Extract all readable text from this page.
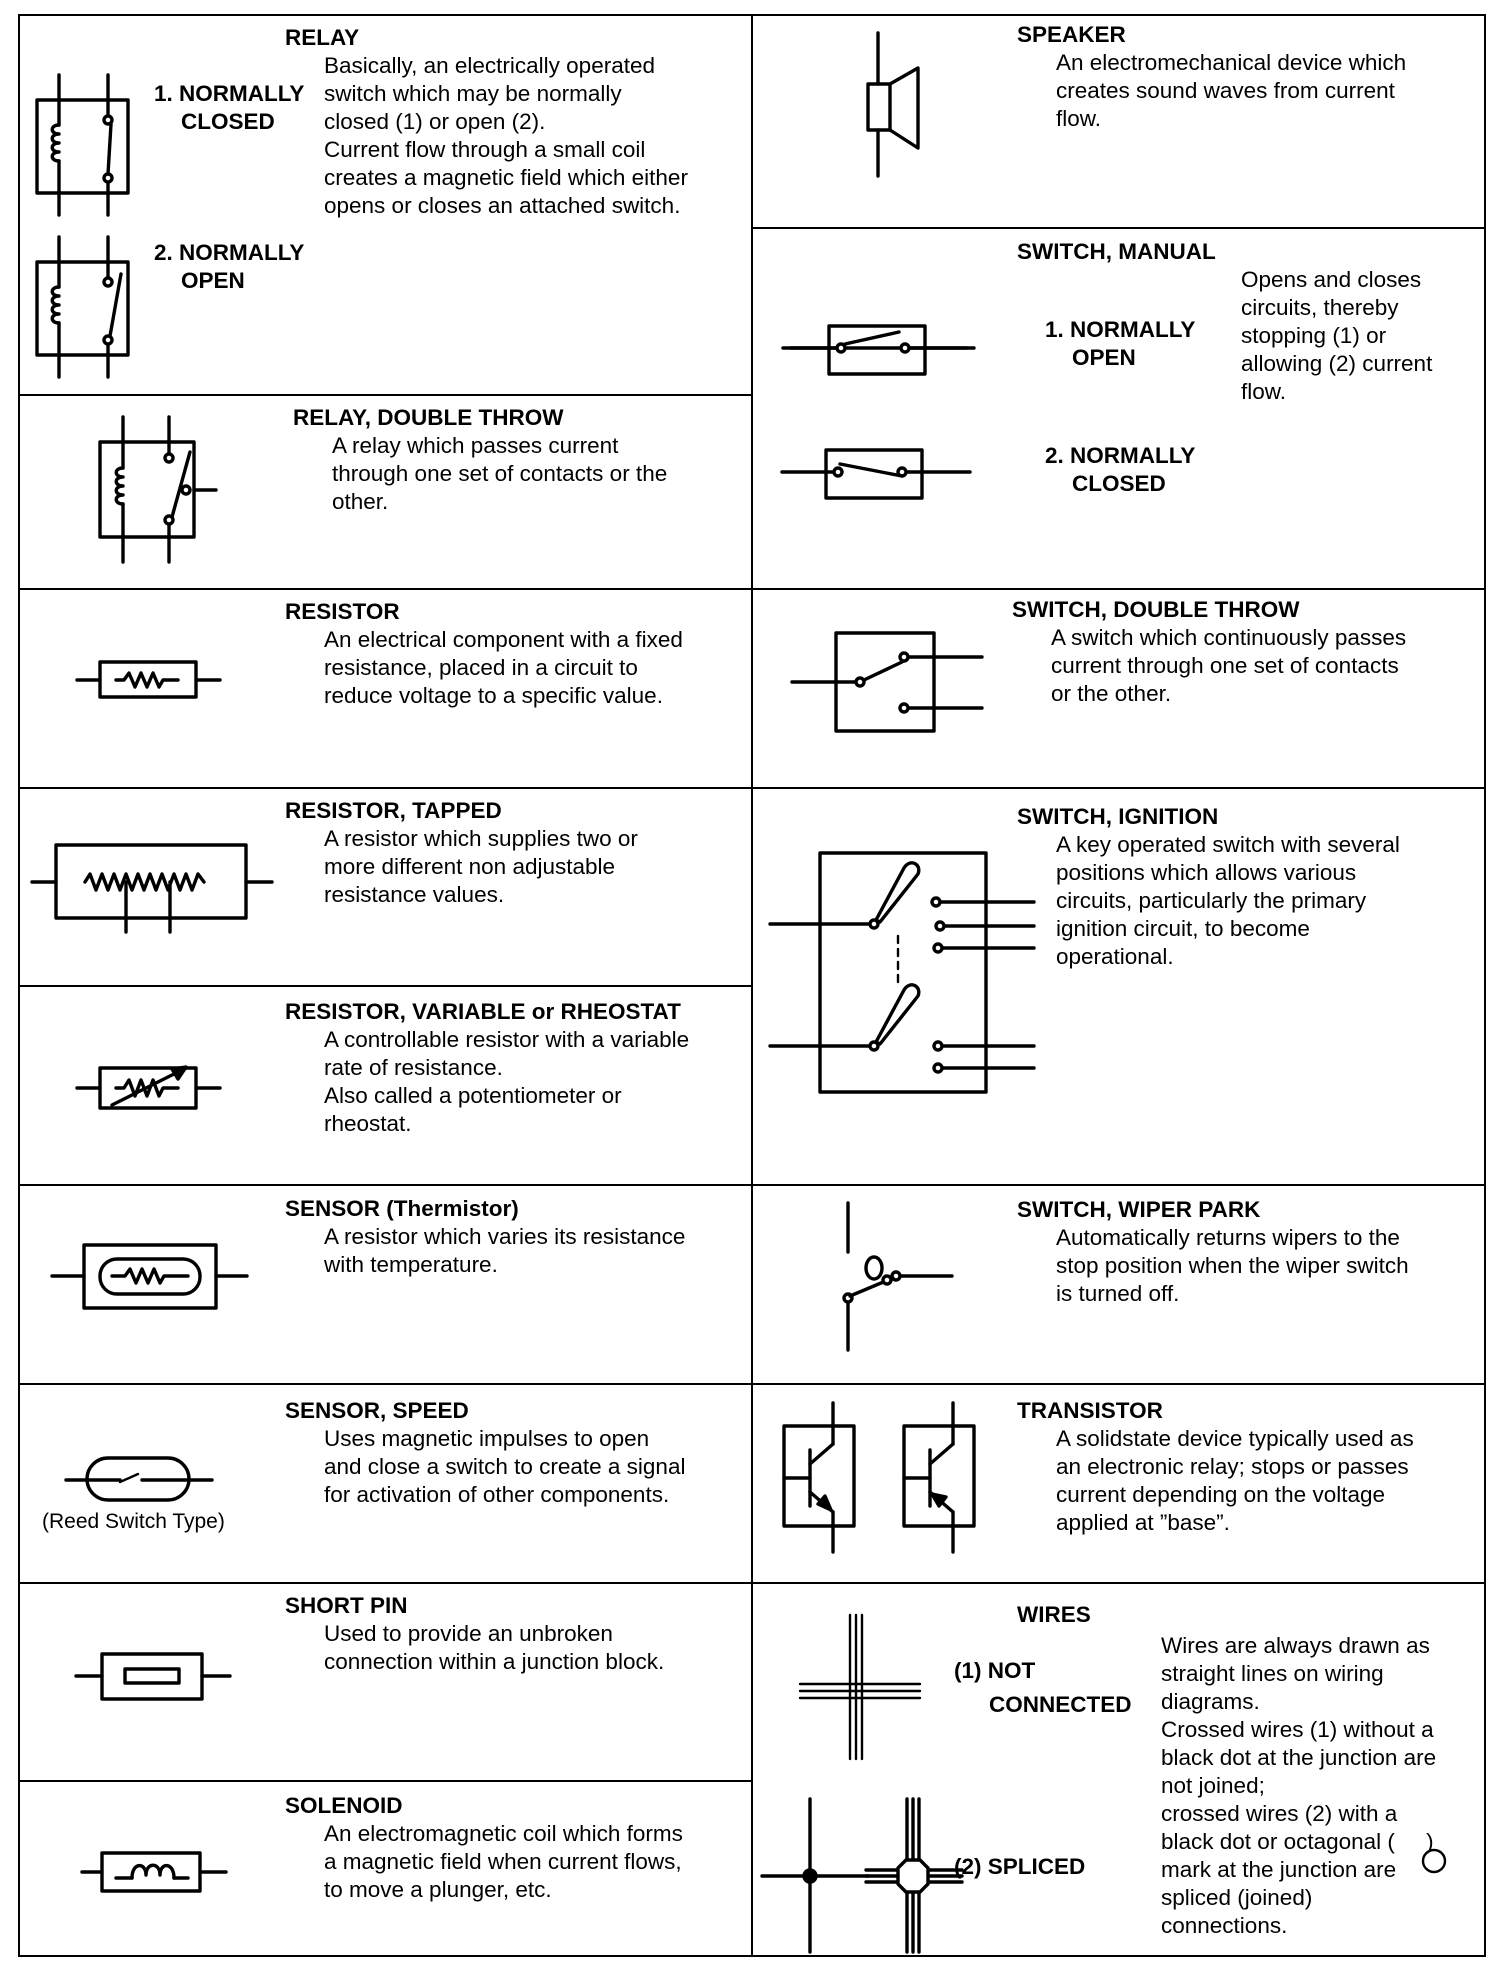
RELAY
Basically, an electrically operated
switch which may be normally
closed (1) or open (2).
Current flow through a small coil
creates a magnetic field which either
opens or closes an attached switch.
1. NORMALLY
CLOSED
2. NORMALLY
OPEN
RELAY, DOUBLE THROW
A relay which passes current
through one set of contacts or the
other.
RESISTOR
An electrical component with a fixed
resistance, placed in a circuit to
reduce voltage to a specific value.
RESISTOR, TAPPED
A resistor which supplies two or
more different non adjustable
resistance values.
RESISTOR, VARIABLE or RHEOSTAT
A controllable resistor with a variable
rate of resistance.
Also called a potentiometer or
rheostat.
SENSOR (Thermistor)
A resistor which varies its resistance
with temperature.
SENSOR, SPEED
Uses magnetic impulses to open
and close a switch to create a signal
for activation of other components.
(Reed Switch Type)
SHORT PIN
Used to provide an unbroken
connection within a junction block.
SOLENOID
An electromagnetic coil which forms
a magnetic field when current flows,
to move a plunger, etc.
SPEAKER
An electromechanical device which
creates sound waves from current
flow.
SWITCH, MANUAL
Opens and closes
circuits, thereby
stopping (1) or
allowing (2) current
flow.
1. NORMALLY
OPEN
2. NORMALLY
CLOSED
SWITCH, DOUBLE THROW
A switch which continuously passes
current through one set of contacts
or the other.
SWITCH, IGNITION
A key operated switch with several
positions which allows various
circuits, particularly the primary
ignition circuit, to become
operational.
SWITCH, WIPER PARK
Automatically returns wipers to the
stop position when the wiper switch
is turned off.
TRANSISTOR
A solidstate device typically used as
an electronic relay; stops or passes
current depending on the voltage
applied at ”base”.
WIRES
(1) NOT
CONNECTED
(2) SPLICED
Wires are always drawn as
straight lines on wiring
diagrams.
Crossed wires (1) without a
black dot at the junction are
not joined;
crossed wires (2) with a
black dot or octagonal (     )
mark at the junction are
spliced (joined)
connections.
